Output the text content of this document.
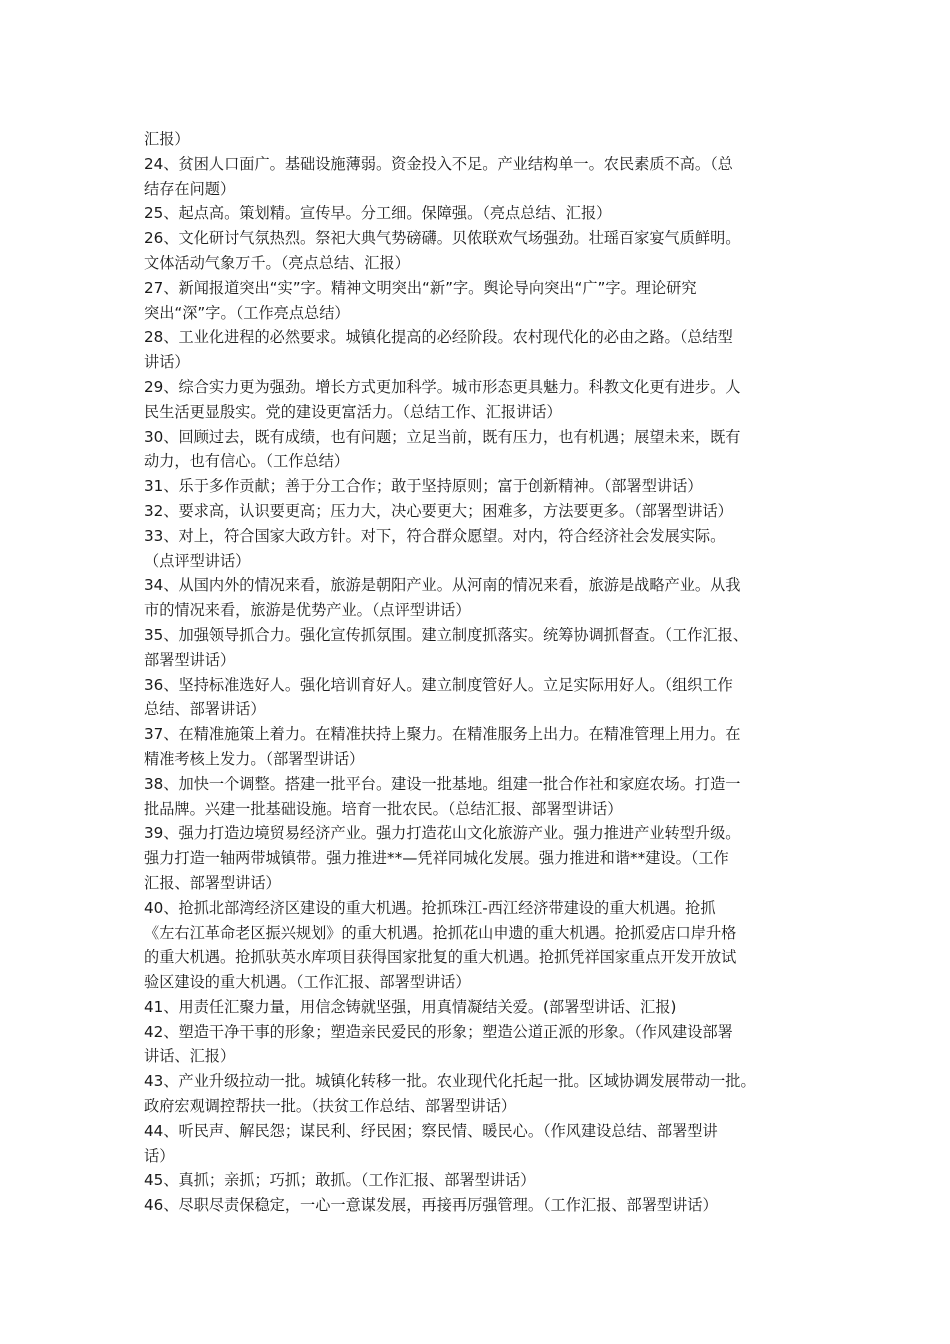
汇报）
24、贫困人口面广。基础设施薄弱。资金投入不足。产业结构单一。农民素质不高。（总
结存在问题）
25、起点高。策划精。宣传早。分工细。保障强。（亮点总结、汇报）
26、文化研讨气氛热烈。祭祀大典气势磅礴。贝侬联欢气场强劲。壮瑶百家宴气质鲜明。
文体活动气象万千。（亮点总结、汇报）
27、新闻报道突出“实”字。精神文明突出“新”字。舆论导向突出“广”字。理论研究
突出“深”字。（工作亮点总结）
28、工业化进程的必然要求。城镇化提高的必经阶段。农村现代化的必由之路。（总结型
讲话）
29、综合实力更为强劲。增长方式更加科学。城市形态更具魅力。科教文化更有进步。人
民生活更显殷实。党的建设更富活力。（总结工作、汇报讲话）
30、回顾过去，既有成绩，也有问题；立足当前，既有压力，也有机遇；展望未来，既有
动力，也有信心。（工作总结）
31、乐于多作贡献；善于分工合作；敢于坚持原则；富于创新精神。（部署型讲话）
32、要求高，认识要更高；压力大，决心要更大；困难多，方法要更多。（部署型讲话）
33、对上，符合国家大政方针。对下，符合群众愿望。对内，符合经济社会发展实际。
（点评型讲话）
34、从国内外的情况来看，旅游是朝阳产业。从河南的情况来看，旅游是战略产业。从我
市的情况来看，旅游是优势产业。（点评型讲话）
35、加强领导抓合力。强化宣传抓氛围。建立制度抓落实。统筹协调抓督查。（工作汇报、
部署型讲话）
36、坚持标准选好人。强化培训育好人。建立制度管好人。立足实际用好人。（组织工作
总结、部署讲话）
37、在精准施策上着力。在精准扶持上聚力。在精准服务上出力。在精准管理上用力。在
精准考核上发力。（部署型讲话）
38、加快一个调整。搭建一批平台。建设一批基地。组建一批合作社和家庭农场。打造一
批品牌。兴建一批基础设施。培育一批农民。（总结汇报、部署型讲话）
39、强力打造边境贸易经济产业。强力打造花山文化旅游产业。强力推进产业转型升级。
强力打造一轴两带城镇带。强力推进**—凭祥同城化发展。强力推进和谐**建设。（工作
汇报、部署型讲话）
40、抢抓北部湾经济区建设的重大机遇。抢抓珠江-西江经济带建设的重大机遇。抢抓
《左右江革命老区振兴规划》的重大机遇。抢抓花山申遗的重大机遇。抢抓爱店口岸升格
的重大机遇。抢抓驮英水库项目获得国家批复的重大机遇。抢抓凭祥国家重点开发开放试
验区建设的重大机遇。（工作汇报、部署型讲话）
41、用责任汇聚力量，用信念铸就坚强，用真情凝结关爱。(部署型讲话、汇报)
42、塑造干净干事的形象；塑造亲民爱民的形象；塑造公道正派的形象。（作风建设部署
讲话、汇报）
43、产业升级拉动一批。城镇化转移一批。农业现代化托起一批。区域协调发展带动一批。
政府宏观调控帮扶一批。（扶贫工作总结、部署型讲话）
44、听民声、解民怨；谋民利、纾民困；察民情、暖民心。（作风建设总结、部署型讲
话）
45、真抓；亲抓；巧抓；敢抓。（工作汇报、部署型讲话）
46、尽职尽责保稳定，一心一意谋发展，再接再厉强管理。（工作汇报、部署型讲话）
